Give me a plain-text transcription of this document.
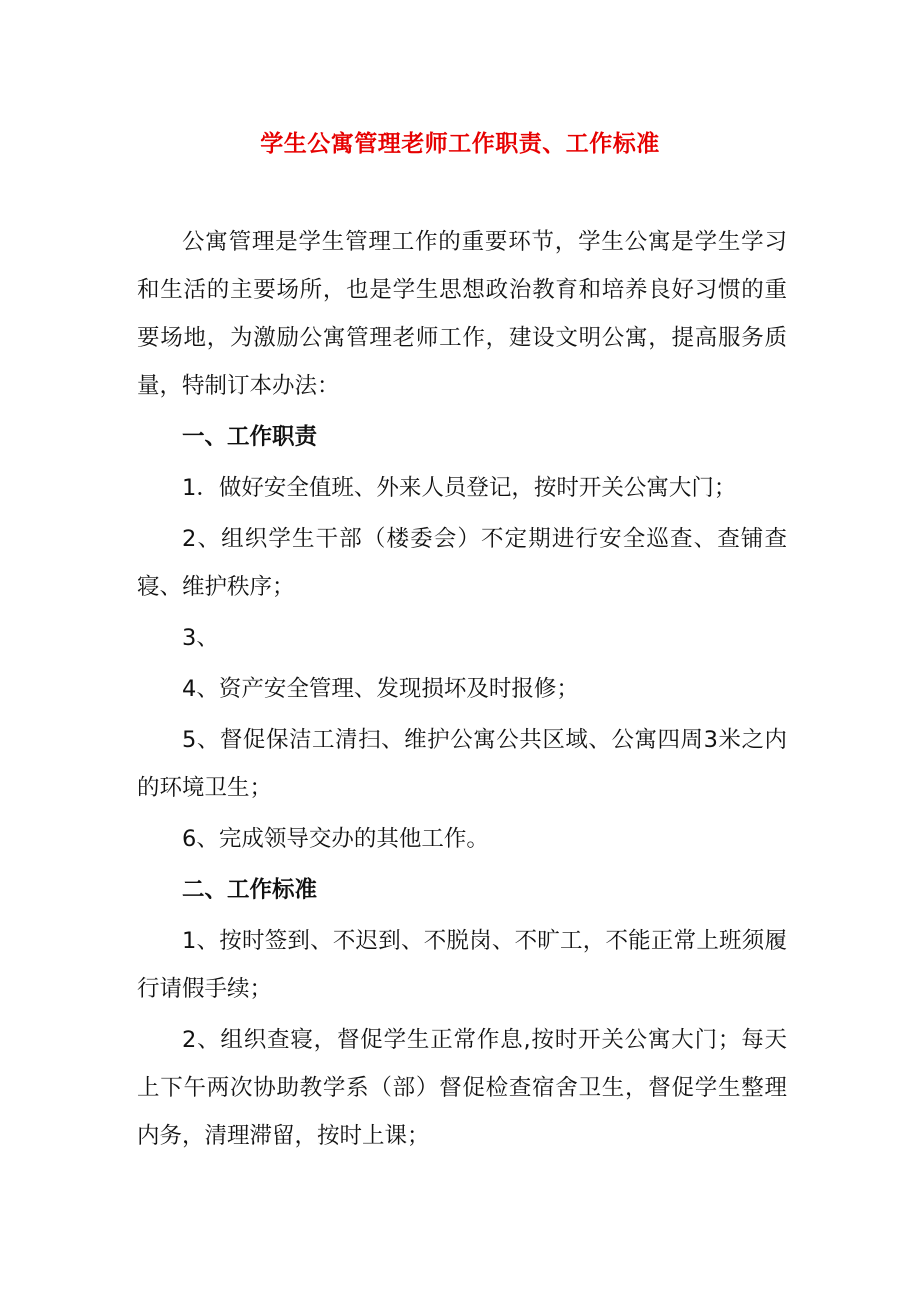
学生公寓管理老师工作职责、工作标准

公寓管理是学生管理工作的重要环节，学生公寓是学生学习和生活的主要场所，也是学生思想政治教育和培养良好习惯的重要场地，为激励公寓管理老师工作，建设文明公寓，提高服务质量，特制订本办法：

一、工作职责

1．做好安全值班、外来人员登记，按时开关公寓大门；

2、组织学生干部（楼委会）不定期进行安全巡查、查铺查寝、维护秩序；

3、

4、资产安全管理、发现损坏及时报修；

5、督促保洁工清扫、维护公寓公共区域、公寓四周3米之内的环境卫生；

6、完成领导交办的其他工作。

二、工作标准

1、按时签到、不迟到、不脱岗、不旷工，不能正常上班须履行请假手续；

2、组织查寝，督促学生正常作息,按时开关公寓大门；每天上下午两次协助教学系（部）督促检查宿舍卫生，督促学生整理内务，清理滞留，按时上课；
